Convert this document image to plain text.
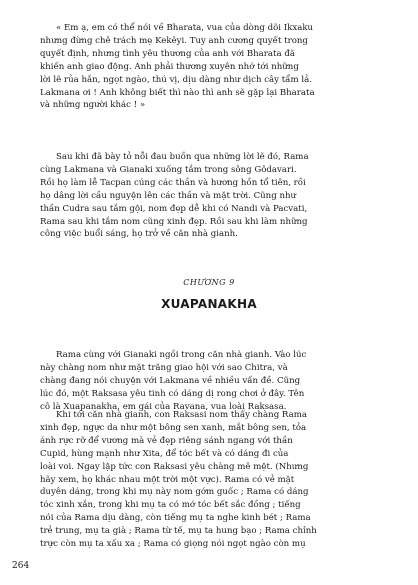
« Em ạ, em có thể nói về Bharata, vua của dòng dõi Ikxaku
nhưng đừng chê trách mẹ Kekêyi. Tuy anh cương quyết trong
quyết định, nhưng tình yêu thương của anh với Bharata đã
khiến anh giao động. Anh phải thương xuyên nhớ tới những
lời lẽ rủa hắn, ngọt ngào, thú vị, dịu dàng như dịch cây tẩm lả.
Lakmana ơi ! Anh không biết thì nào thì anh sẽ gặp lại Bharata
và những người khác ! »
Sau khi đã bày tỏ nỗi đau buồn qua những lời lẽ đó, Rama
cùng Lakmana và Gianaki xuống tắm trong sông Gôdavari.
Rồi họ làm lễ Tacpan cúng các thần và hương hồn tổ tiên, rồi
họ dâng lời cầu nguyện lên các thần và mặt trời. Cũng như
thần Cudra sau tắm gội, nom đẹp dễ khi có Nandi và Pacvati,
Rama sau khi tắm nom cũng xinh đẹp. Rồi sau khi làm những
công việc buổi sáng, họ trở về căn nhà gianh.
CHƯƠNG 9
XUAPANAKHA
Rama cùng với Gianaki ngồi trong căn nhà gianh. Vào lúc
này chàng nom như mặt trăng giao hội với sao Chitra, và
chàng đang nói chuyện với Lakmana về nhiều vấn đề. Cũng
lúc đó, một Raksasa yêu tinh có dáng dị rong chơi ở đây. Tên
cô là Xuapanakha, em gái của Ravana, vua loài Raksasa.
Khi tới căn nhà gianh, con Raksasi nom thấy chàng Rama
xinh đẹp, ngực da như một bông sen xanh, mắt bông sen, tỏa
ánh rực rỡ để vương mà vẻ đẹp riêng sánh ngang với thần
Cupid, hùng mạnh như Xita, để tóc bết và có dáng đi của
loài voi. Ngay lập tức con Raksasi yêu chàng mê mệt. (Nhưng
hãy xem, họ khác nhau một trời một vực). Rama có vẻ mặt
duyên dáng, trong khi mụ này nom gớm guốc ; Rama có dáng
tóc xinh xắn, trong khi mụ ta có mớ tóc bết sắc đồng ; tiếng
nói của Rama dịu dàng, còn tiếng mụ ta nghe kinh bét ; Rama
trẻ trung, mụ ta già ; Rama từ tế, mụ ta hung bạo ; Rama chỉnh
trực còn mụ ta xấu xa ; Rama có giọng nói ngọt ngào còn mụ
264
